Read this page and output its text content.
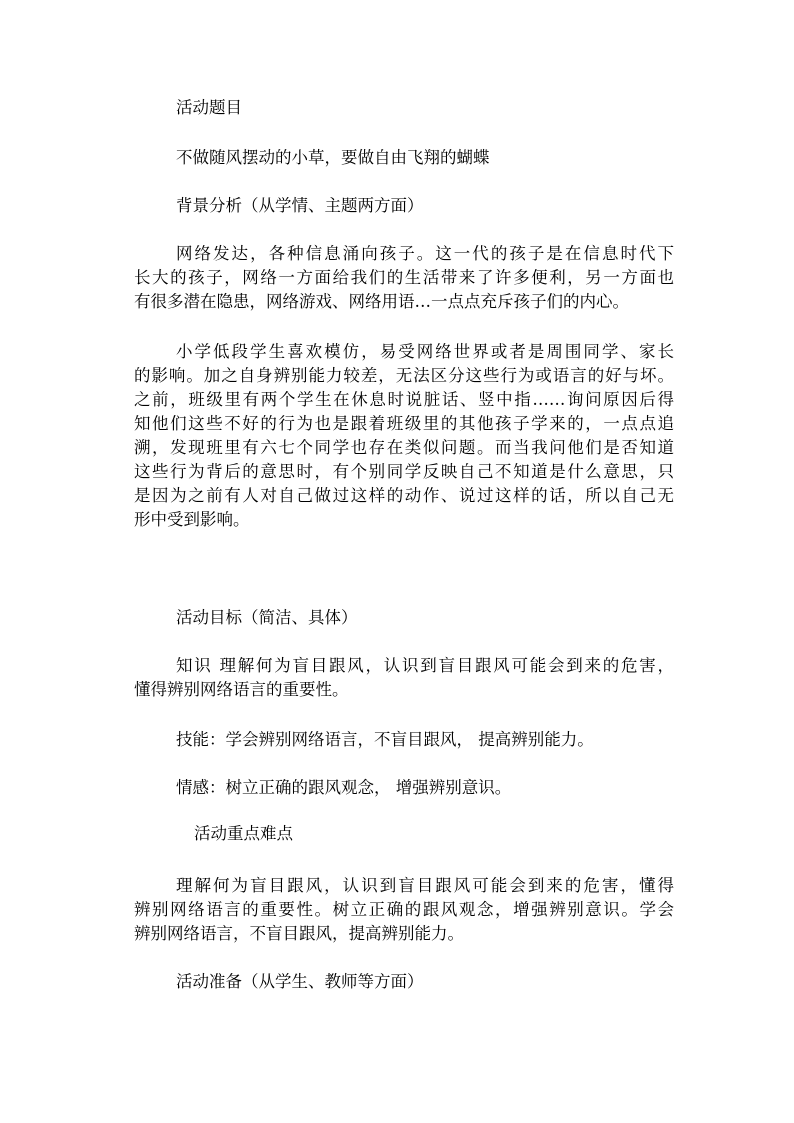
活动题目
不做随风摆动的小草，要做自由飞翔的蝴蝶
背景分析（从学情、主题两方面）
网络发达，各种信息涌向孩子。这一代的孩子是在信息时代下
长大的孩子，网络一方面给我们的生活带来了许多便利，另一方面也
有很多潜在隐患，网络游戏、网络用语…一点点充斥孩子们的内心。
小学低段学生喜欢模仿，易受网络世界或者是周围同学、家长
的影响。加之自身辨别能力较差，无法区分这些行为或语言的好与坏。
之前，班级里有两个学生在休息时说脏话、竖中指……询问原因后得
知他们这些不好的行为也是跟着班级里的其他孩子学来的，一点点追
溯，发现班里有六七个同学也存在类似问题。而当我问他们是否知道
这些行为背后的意思时，有个别同学反映自己不知道是什么意思，只
是因为之前有人对自己做过这样的动作、说过这样的话，所以自己无
形中受到影响。
活动目标（简洁、具体）
知识 理解何为盲目跟风，认识到盲目跟风可能会到来的危害，
懂得辨别网络语言的重要性。
技能：学会辨别网络语言，不盲目跟风， 提高辨别能力。
情感：树立正确的跟风观念， 增强辨别意识。
活动重点难点
理解何为盲目跟风，认识到盲目跟风可能会到来的危害，懂得
辨别网络语言的重要性。树立正确的跟风观念，增强辨别意识。学会
辨别网络语言，不盲目跟风，提高辨别能力。
活动准备（从学生、教师等方面）
